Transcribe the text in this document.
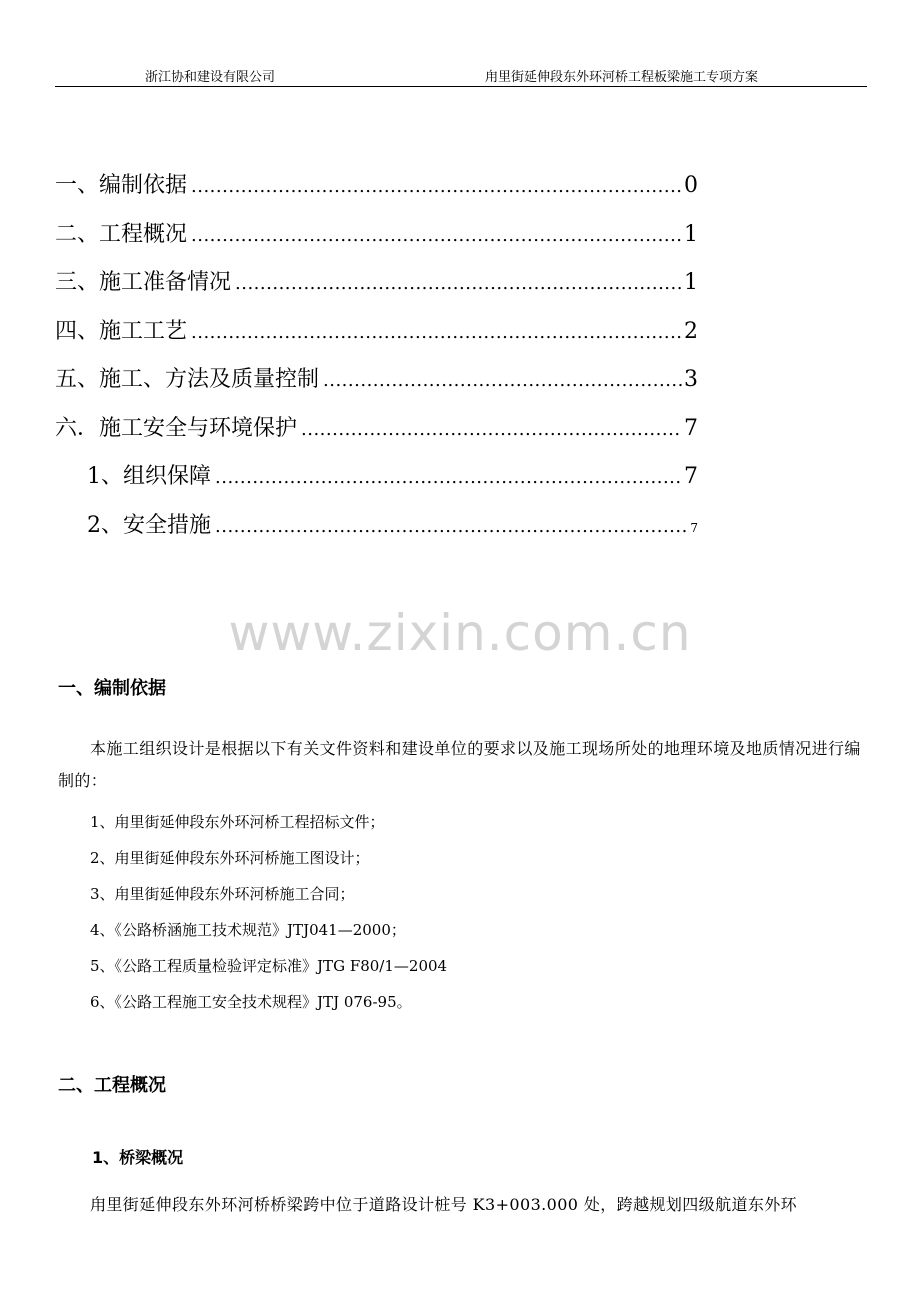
浙江协和建设有限公司	甪里街延伸段东外环河桥工程板梁施工专项方案
一、编制依据 .....	0
二、工程概况 .....	1
三、施工准备情况 .....	1
四、施工工艺 .....	2
五、施工、方法及质量控制 .....	3
六．施工安全与环境保护 .....	7
1、组织保障 .....	7
2、安全措施 .....	7
www.zixin.com.cn
一、编制依据
本施工组织设计是根据以下有关文件资料和建设单位的要求以及施工现场所处的地理环境及地质情况进行编制的：
1、甪里街延伸段东外环河桥工程招标文件；
2、甪里街延伸段东外环河桥施工图设计；
3、甪里街延伸段东外环河桥施工合同；
4、《公路桥涵施工技术规范》JTJ041—2000；
5、《公路工程质量检验评定标准》JTG F80/1—2004
6、《公路工程施工安全技术规程》JTJ 076-95。
二、工程概况
1、桥梁概况
甪里街延伸段东外环河桥桥梁跨中位于道路设计桩号 K3+003.000 处，跨越规划四级航道东外环
